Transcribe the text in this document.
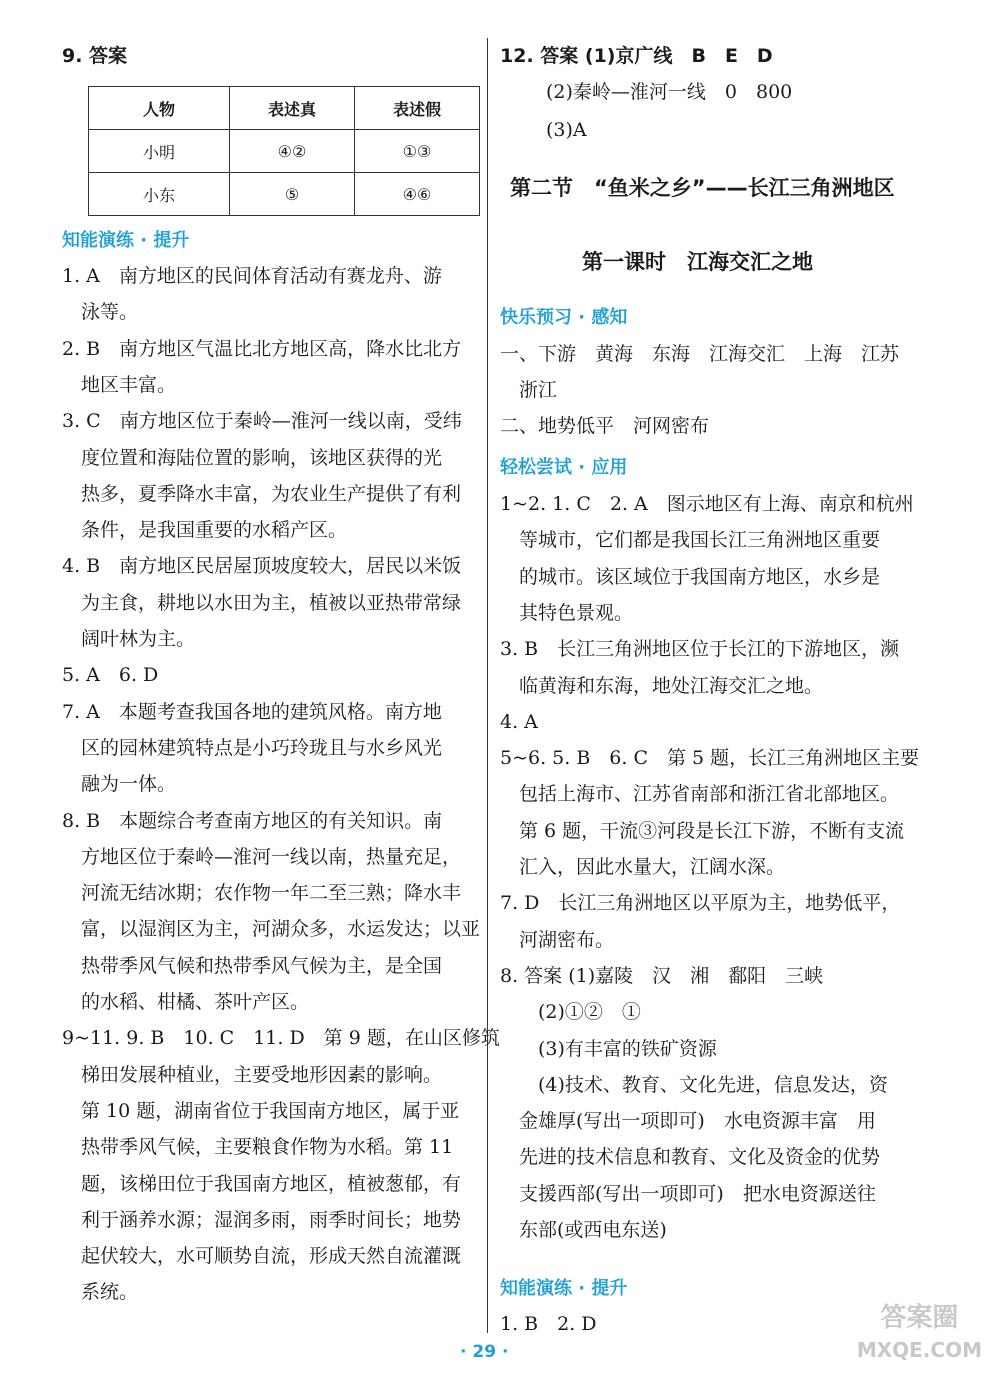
9. 答案
人物	表述真	表述假
小明	④②	①③
小东	⑤	④⑥
知能演练 · 提升
1. A　南方地区的民间体育活动有赛龙舟、游
　泳等。
2. B　南方地区气温比北方地区高，降水比北方
　地区丰富。
3. C　南方地区位于秦岭—淮河一线以南，受纬
　度位置和海陆位置的影响，该地区获得的光
　热多，夏季降水丰富，为农业生产提供了有利
　条件，是我国重要的水稻产区。
4. B　南方地区民居屋顶坡度较大，居民以米饭
　为主食，耕地以水田为主，植被以亚热带常绿
　阔叶林为主。
5. A　6. D
7. A　本题考查我国各地的建筑风格。南方地
　区的园林建筑特点是小巧玲珑且与水乡风光
　融为一体。
8. B　本题综合考查南方地区的有关知识。南
　方地区位于秦岭—淮河一线以南，热量充足，
　河流无结冰期；农作物一年二至三熟；降水丰
　富，以湿润区为主，河湖众多，水运发达；以亚
　热带季风气候和热带季风气候为主，是全国
　的水稻、柑橘、茶叶产区。
9~11. 9. B　10. C　11. D　第 9 题，在山区修筑
　梯田发展种植业，主要受地形因素的影响。
　第 10 题，湖南省位于我国南方地区，属于亚
　热带季风气候，主要粮食作物为水稻。第 11
　题，该梯田位于我国南方地区，植被葱郁，有
　利于涵养水源；湿润多雨，雨季时间长；地势
　起伏较大，水可顺势自流，形成天然自流灌溉
　系统。
12. 答案 (1)京广线　B　E　D
(2)秦岭—淮河一线　0　800
(3)A
第二节　“鱼米之乡”——长江三角洲地区
第一课时　江海交汇之地
快乐预习 · 感知
一、下游　黄海　东海　江海交汇　上海　江苏
　浙江
二、地势低平　河网密布
轻松尝试 · 应用
1~2. 1. C　2. A　图示地区有上海、南京和杭州
　等城市，它们都是我国长江三角洲地区重要
　的城市。该区域位于我国南方地区，水乡是
　其特色景观。
3. B　长江三角洲地区位于长江的下游地区，濒
　临黄海和东海，地处江海交汇之地。
4. A
5~6. 5. B　6. C　第 5 题，长江三角洲地区主要
　包括上海市、江苏省南部和浙江省北部地区。
　第 6 题，干流③河段是长江下游，不断有支流
　汇入，因此水量大，江阔水深。
7. D　长江三角洲地区以平原为主，地势低平，
　河湖密布。
8. 答案 (1)嘉陵　汉　湘　鄱阳　三峡
　　(2)①②　①
　　(3)有丰富的铁矿资源
　　(4)技术、教育、文化先进，信息发达，资
　金雄厚(写出一项即可)　水电资源丰富　用
　先进的技术信息和教育、文化及资金的优势
　支援西部(写出一项即可)　把水电资源送往
　东部(或西电东送)
知能演练 · 提升
1. B　2. D
· 29 ·
答案圈
MXQE.COM
